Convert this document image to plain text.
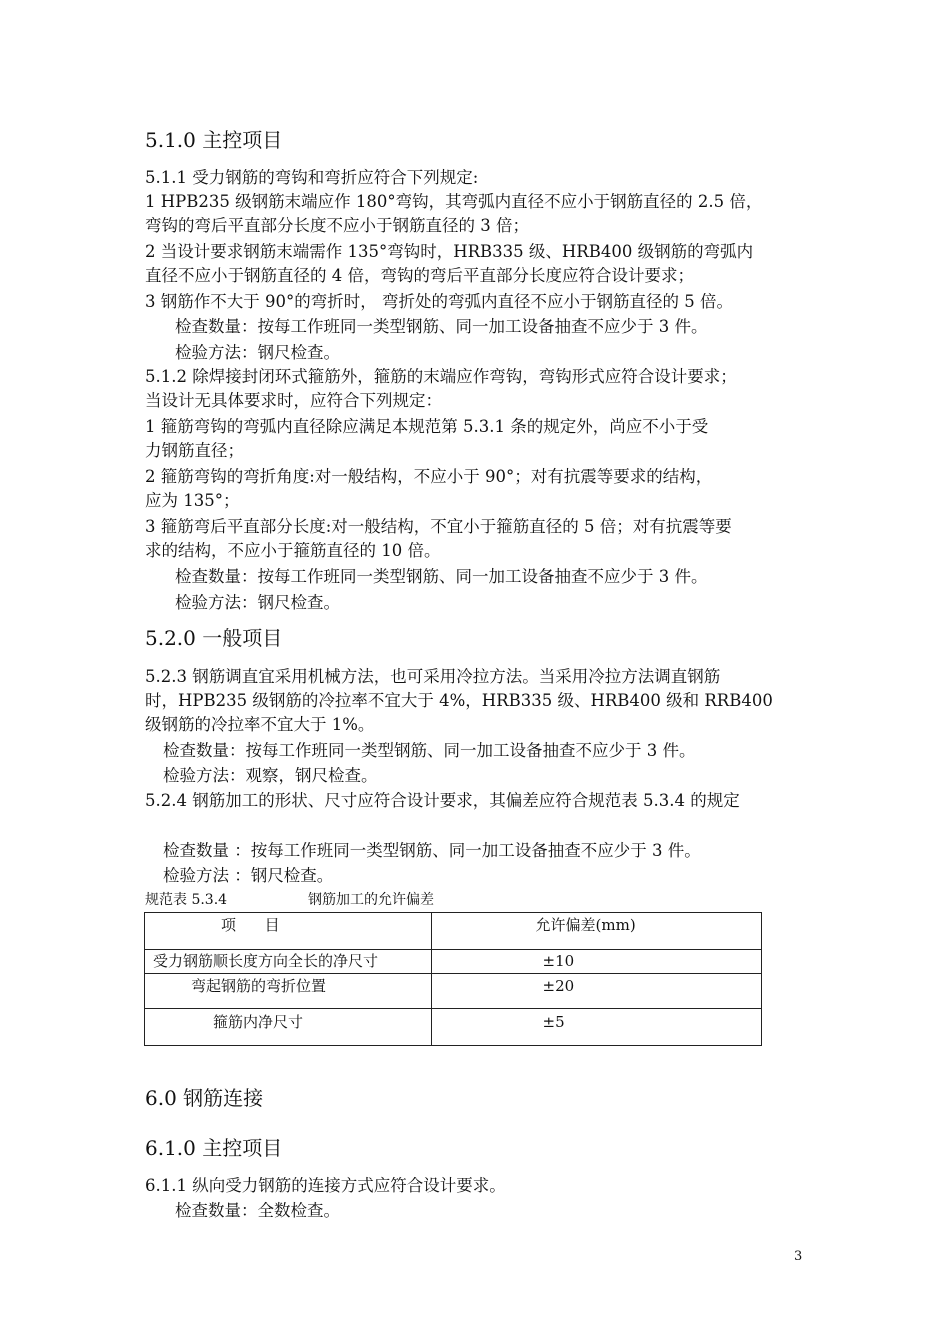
5.1.0 主控项目
5.1.1 受力钢筋的弯钩和弯折应符合下列规定:
1 HPB235 级钢筋末端应作 180°弯钩，其弯弧内直径不应小于钢筋直径的 2.5 倍，
弯钩的弯后平直部分长度不应小于钢筋直径的 3 倍；
2 当设计要求钢筋末端需作 135°弯钩时，HRB335 级、HRB400 级钢筋的弯弧内
直径不应小于钢筋直径的 4 倍，弯钩的弯后平直部分长度应符合设计要求；
3 钢筋作不大于 90°的弯折时， 弯折处的弯弧内直径不应小于钢筋直径的 5 倍。
检查数量：按每工作班同一类型钢筋、同一加工设备抽查不应少于 3 件。
检验方法：钢尺检查。
5.1.2 除焊接封闭环式箍筋外，箍筋的末端应作弯钩，弯钩形式应符合设计要求；
当设计无具体要求时，应符合下列规定：
1 箍筋弯钩的弯弧内直径除应满足本规范第 5.3.1 条的规定外，尚应不小于受
力钢筋直径；
2 箍筋弯钩的弯折角度:对一般结构，不应小于 90°；对有抗震等要求的结构，
应为 135°；
3 箍筋弯后平直部分长度:对一般结构，不宜小于箍筋直径的 5 倍；对有抗震等要
求的结构，不应小于箍筋直径的 10 倍。
检查数量：按每工作班同一类型钢筋、同一加工设备抽查不应少于 3 件。
检验方法：钢尺检查。
5.2.0 一般项目
5.2.3 钢筋调直宜采用机械方法，也可采用冷拉方法。当采用冷拉方法调直钢筋
时，HPB235 级钢筋的冷拉率不宜大于 4%，HRB335 级、HRB400 级和 RRB400
级钢筋的冷拉率不宜大于 1%。
检查数量：按每工作班同一类型钢筋、同一加工设备抽查不应少于 3 件。
检验方法：观察，钢尺检查。
5.2.4 钢筋加工的形状、尺寸应符合设计要求，其偏差应符合规范表 5.3.4 的规定
检查数量 ：按每工作班同一类型钢筋、同一加工设备抽查不应少于 3 件。
检验方法 ：钢尺检查。
规范表 5.3.4	钢筋加工的允许偏差
项      目	允许偏差(mm)

受力钢筋顺长度方向全长的净尺寸	±10

弯起钢筋的弯折位置	±20

箍筋内净尺寸	±5
6.0 钢筋连接
6.1.0 主控项目
6.1.1 纵向受力钢筋的连接方式应符合设计要求。
检查数量：全数检查。
3
